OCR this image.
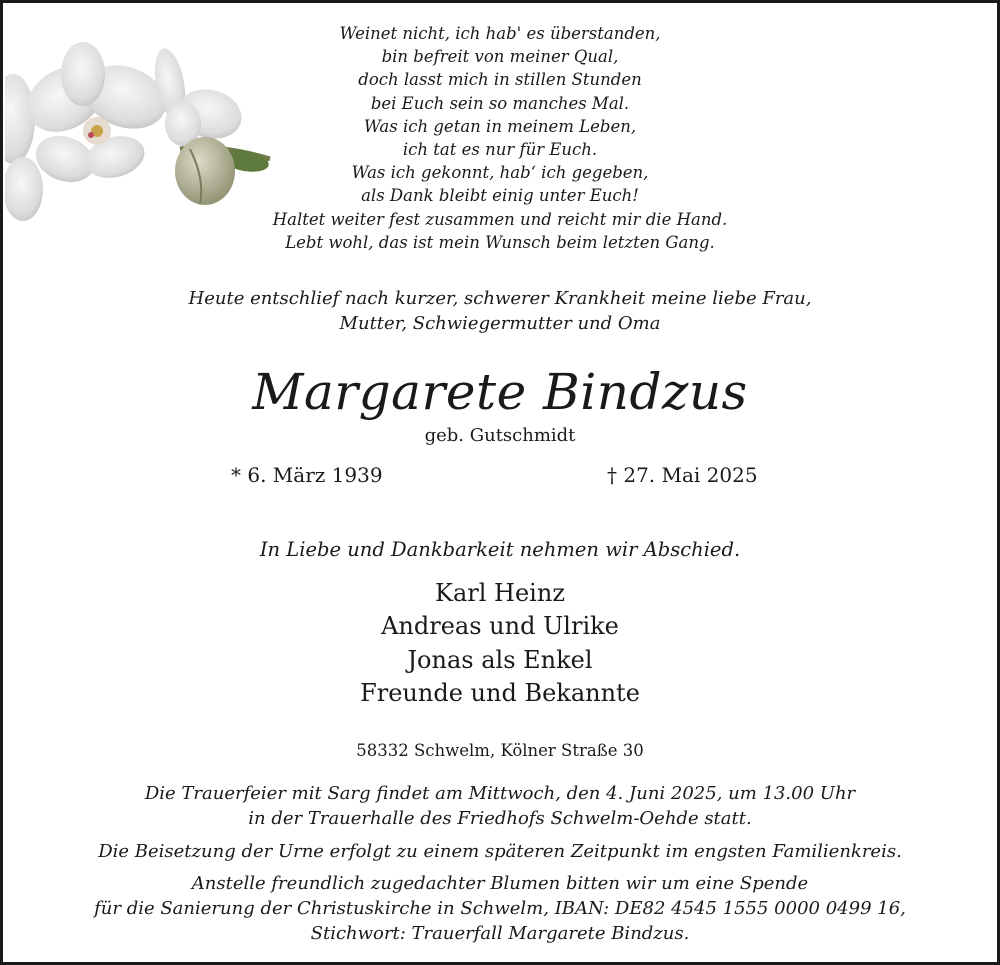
Weinet nicht, ich hab' es überstanden,
bin befreit von meiner Qual,
doch lasst mich in stillen Stunden
bei Euch sein so manches Mal.
Was ich getan in meinem Leben,
ich tat es nur für Euch.
Was ich gekonnt, hab‘ ich gegeben,
als Dank bleibt einig unter Euch!
Haltet weiter fest zusammen und reicht mir die Hand.
Lebt wohl, das ist mein Wunsch beim letzten Gang.
Heute entschlief nach kurzer, schwerer Krankheit meine liebe Frau,
Mutter, Schwiegermutter und Oma
Margarete Bindzus
geb. Gutschmidt
* 6. März 1939	† 27. Mai 2025
In Liebe und Dankbarkeit nehmen wir Abschied.
Karl Heinz
Andreas und Ulrike
Jonas als Enkel
Freunde und Bekannte
58332 Schwelm, Kölner Straße 30
Die Trauerfeier mit Sarg findet am Mittwoch, den 4. Juni 2025, um 13.00 Uhr
in der Trauerhalle des Friedhofs Schwelm-Oehde statt.
Die Beisetzung der Urne erfolgt zu einem späteren Zeitpunkt im engsten Familienkreis.
Anstelle freundlich zugedachter Blumen bitten wir um eine Spende
für die Sanierung der Christuskirche in Schwelm, IBAN: DE82 4545 1555 0000 0499 16,
Stichwort: Trauerfall Margarete Bindzus.
